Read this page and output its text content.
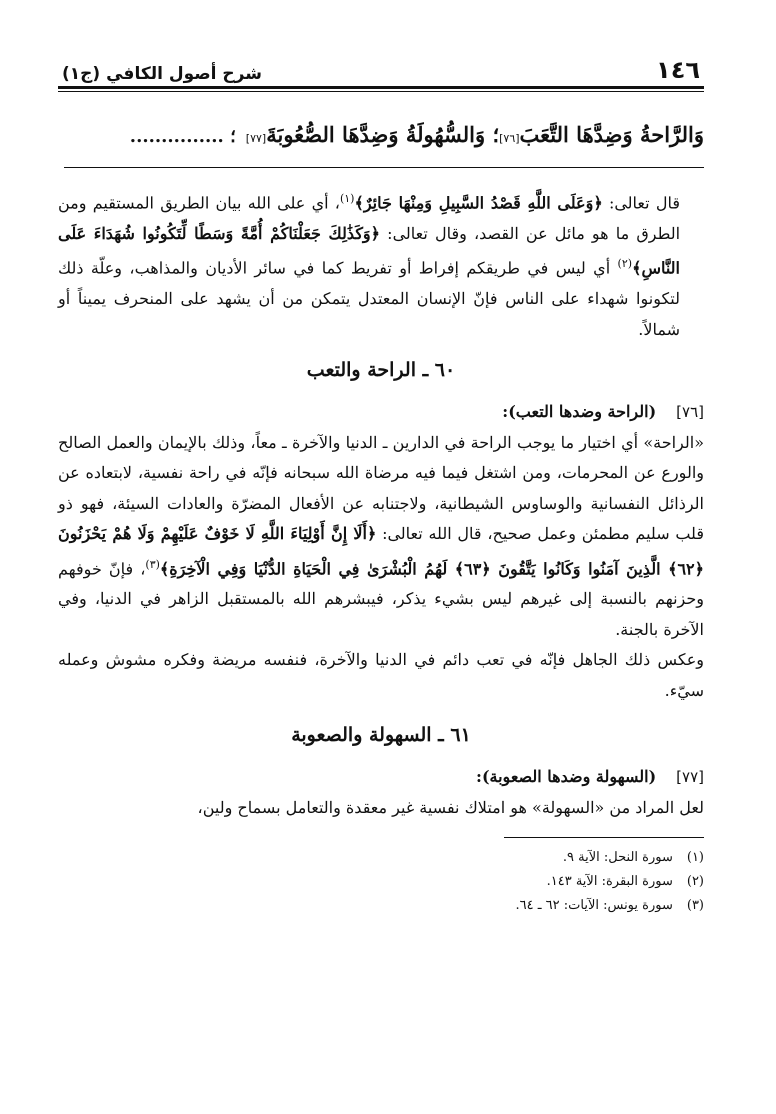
١٤٦
شرح أصول الكافي (ج١)
وَالرَّاحةُ وَضِدَّهَا التَّعَبَ
[٧٦]
؛ وَالسُّهُولَةُ وَضِدَّهَا الصُّعُوبَةَ
[٧٧]
؛ ...............

قال تعالى: ﴿وَعَلَى اللَّهِ قَصْدُ السَّبِيلِ وَمِنْهَا جَائِرٌ﴾$^{(١)}$، أي على الله بيان الطريق المستقيم ومن الطرق ما هو مائل عن القصد، وقال تعالى: ﴿وَكَذَٰلِكَ جَعَلْنَاكُمْ أُمَّةً وَسَطًا لِّتَكُونُوا شُهَدَاءَ عَلَى النَّاسِ﴾$^{(٢)}$ أي ليس في طريقكم إفراط أو تفريط كما في سائر الأديان والمذاهب، وعلّة ذلك لتكونوا شهداء على الناس فإنّ الإنسان المعتدل يتمكن من أن يشهد على المنحرف يميناً أو شمالاً.

٦٠ ـ الراحة والتعب
[٧٦]
(الراحة وضدها التعب):

«الراحة» أي اختيار ما يوجب الراحة في الدارين ـ الدنيا والآخرة ـ معاً، وذلك بالإيمان والعمل الصالح والورع عن المحرمات، ومن اشتغل فيما فيه مرضاة الله سبحانه فإنّه في راحة نفسية، لابتعاده عن الرذائل النفسانية والوساوس الشيطانية، ولاجتنابه عن الأفعال المضرّة والعادات السيئة، فهو ذو قلب سليم مطمئن وعمل صحيح، قال الله تعالى: ﴿أَلَا إِنَّ أَوْلِيَاءَ اللَّهِ لَا خَوْفٌ عَلَيْهِمْ وَلَا هُمْ يَحْزَنُونَ ﴿٦٢﴾ الَّذِينَ آمَنُوا وَكَانُوا يَتَّقُونَ ﴿٦٣﴾ لَهُمُ الْبُشْرَىٰ فِي الْحَيَاةِ الدُّنْيَا وَفِي الْآخِرَةِ﴾$^{(٣)}$، فإنّ خوفهم وحزنهم بالنسبة إلى غيرهم ليس بشيء يذكر، فيبشرهم الله بالمستقبل الزاهر في الدنيا، وفي الآخرة بالجنة.

وعكس ذلك الجاهل فإنّه في تعب دائم في الدنيا والآخرة، فنفسه مريضة وفكره مشوش وعمله سيّء.

٦١ ـ السهولة والصعوبة
[٧٧]
(السهولة وضدها الصعوبة):

لعل المراد من «السهولة» هو امتلاك نفسية غير معقدة والتعامل بسماح ولين،

(١)
سورة النحل: الآية ٩.
(٢)
سورة البقرة: الآية ١٤٣.
(٣)
سورة يونس: الآيات: ٦٢ ـ ٦٤.
